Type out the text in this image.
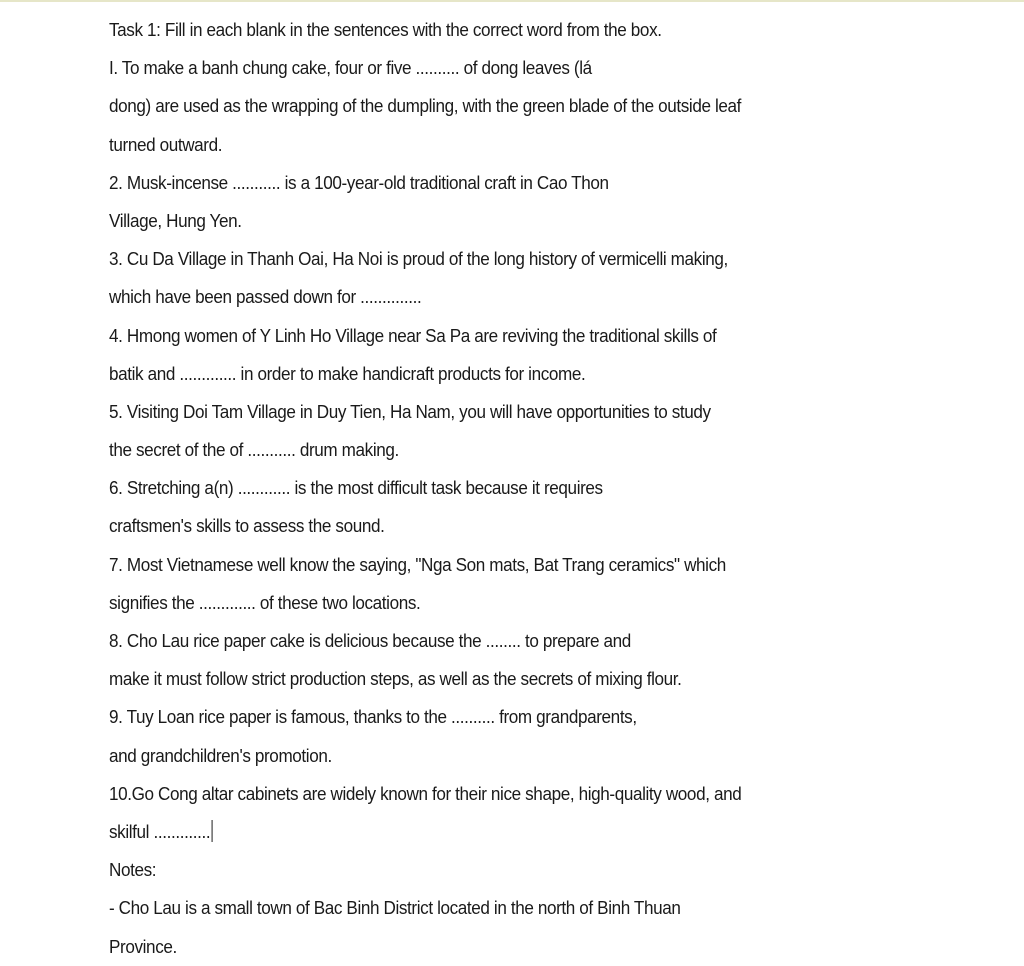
Task 1: Fill in each blank in the sentences with the correct word from the box.
I. To make a banh chung cake, four or five .......... of dong leaves (lá
dong) are used as the wrapping of the dumpling, with the green blade of the outside leaf
turned outward.
2. Musk-incense ........... is a 100-year-old traditional craft in Cao Thon
Village, Hung Yen.
3. Cu Da Village in Thanh Oai, Ha Noi is proud of the long history of vermicelli making,
which have been passed down for ..............
4. Hmong women of Y Linh Ho Village near Sa Pa are reviving the traditional skills of
batik and ............. in order to make handicraft products for income.
5. Visiting Doi Tam Village in Duy Tien, Ha Nam, you will have opportunities to study
the secret of the of ........... drum making.
6. Stretching a(n) ............ is the most difficult task because it requires
craftsmen's skills to assess the sound.
7. Most Vietnamese well know the saying, "Nga Son mats, Bat Trang ceramics" which
signifies the ............. of these two locations.
8. Cho Lau rice paper cake is delicious because the ........ to prepare and
make it must follow strict production steps, as well as the secrets of mixing flour.
9. Tuy Loan rice paper is famous, thanks to the .......... from grandparents,
and grandchildren's promotion.
10.Go Cong altar cabinets are widely known for their nice shape, high-quality wood, and
skilful .............
Notes:
- Cho Lau is a small town of Bac Binh District located in the north of Binh Thuan
Province.
